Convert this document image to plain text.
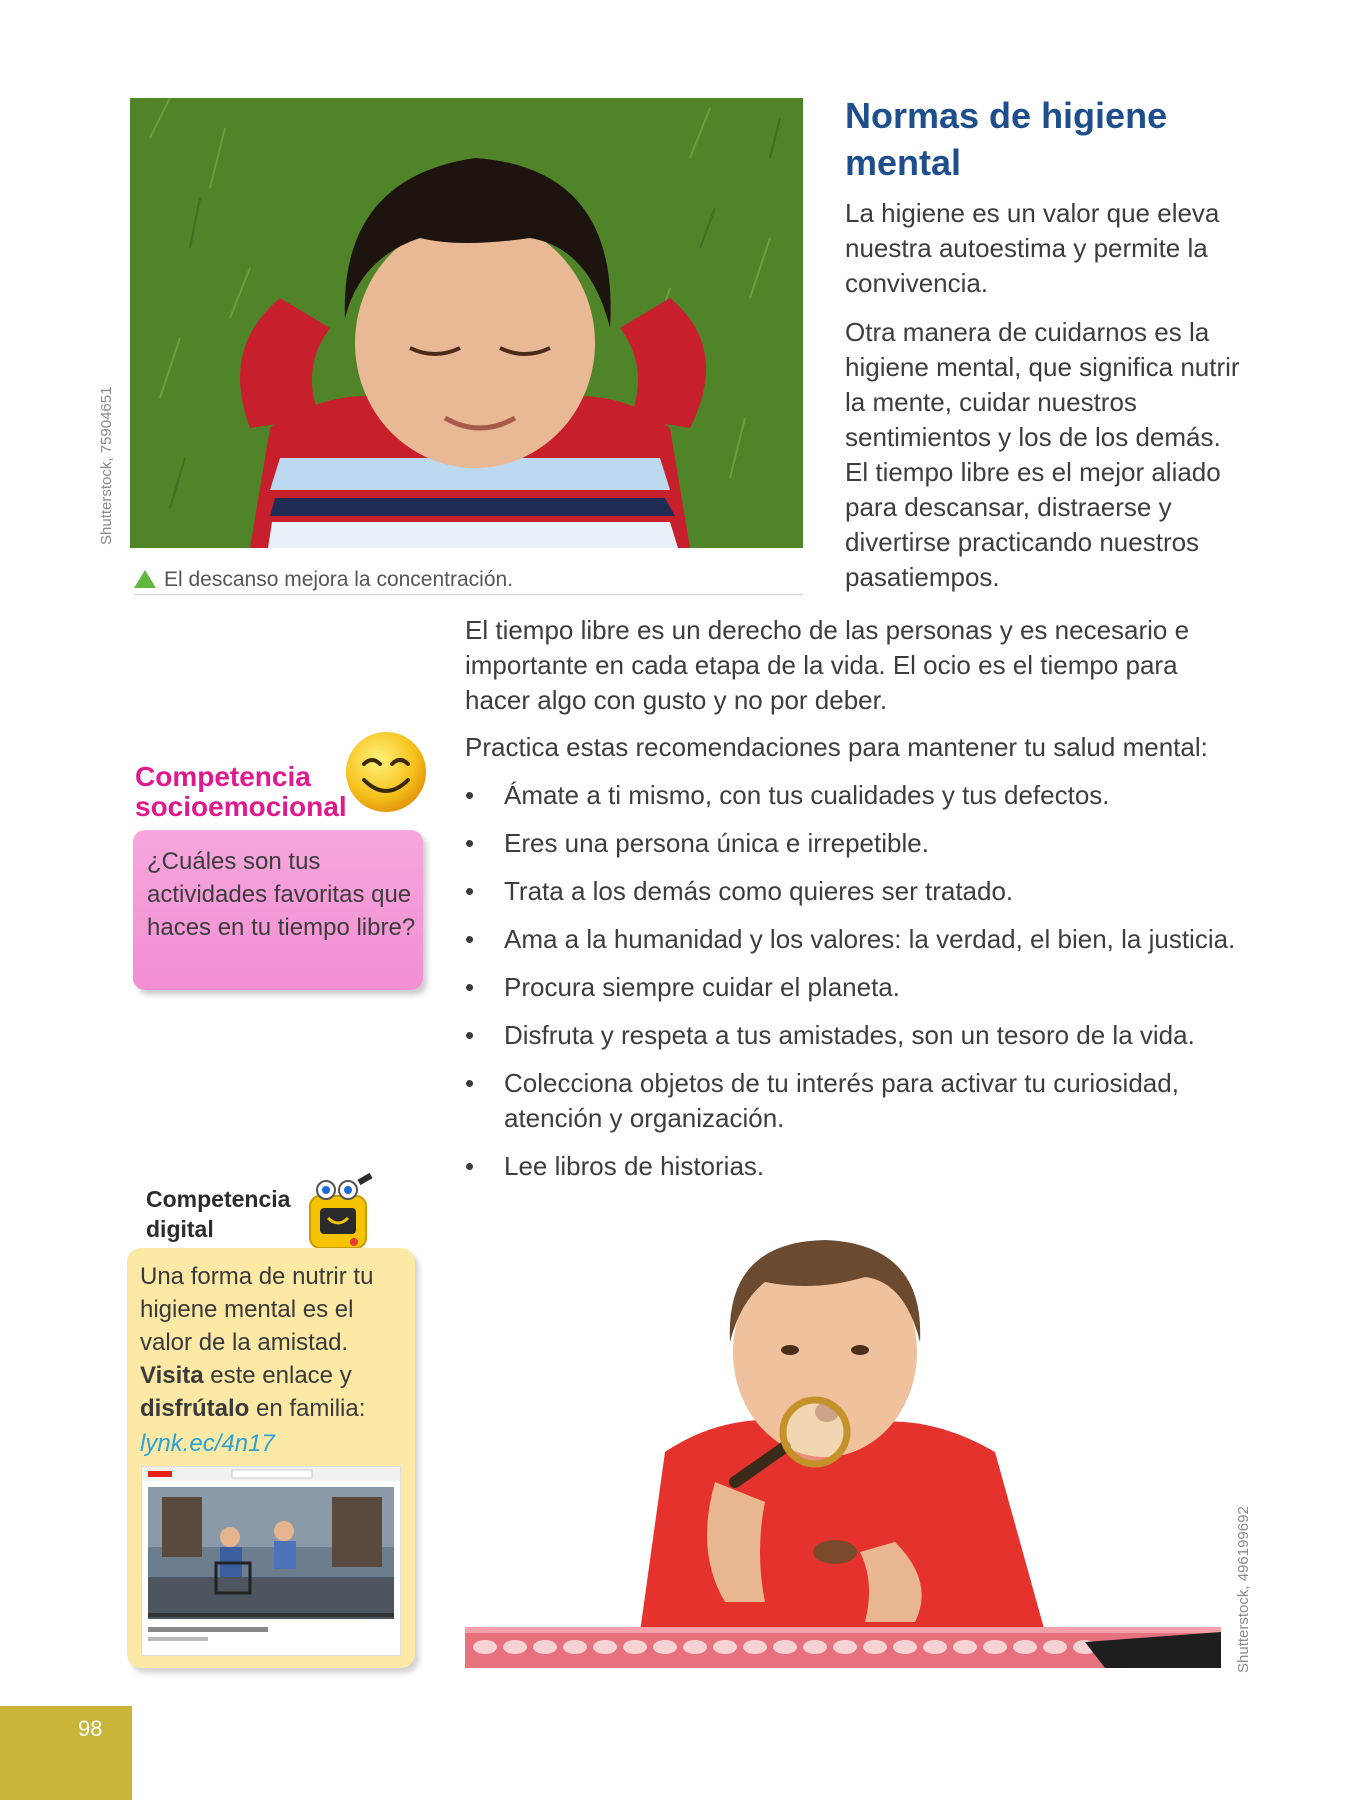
Shutterstock, 75904651
El descanso mejora la concentración.
Normas de higiene mental
La higiene es un valor que eleva nuestra autoestima y permite la convivencia.
Otra manera de cuidarnos es la higiene mental, que significa nutrir la mente, cuidar nuestros sentimientos y los de los demás. El tiempo libre es el mejor aliado para descansar, distraerse y divertirse practicando nuestros pasatiempos.
El tiempo libre es un derecho de las personas y es necesario e importante en cada etapa de la vida. El ocio es el tiempo para hacer algo con gusto y no por deber.
Practica estas recomendaciones para mantener tu salud mental:
• Ámate a ti mismo, con tus cualidades y tus defectos.
• Eres una persona única e irrepetible.
• Trata a los demás como quieres ser tratado.
• Ama a la humanidad y los valores: la verdad, el bien, la justicia.
• Procura siempre cuidar el planeta.
• Disfruta y respeta a tus amistades, son un tesoro de la vida.
• Colecciona objetos de tu interés para activar tu curiosidad, atención y organización.
• Lee libros de historias.
Competencia
socioemocional
¿Cuáles son tus actividades favoritas que haces en tu tiempo libre?
Competencia
digital
Una forma de nutrir tu higiene mental es el valor de la amistad. Visita este enlace y disfrútalo en familia:
lynk.ec/4n17
Shutterstock, 496199692
98
